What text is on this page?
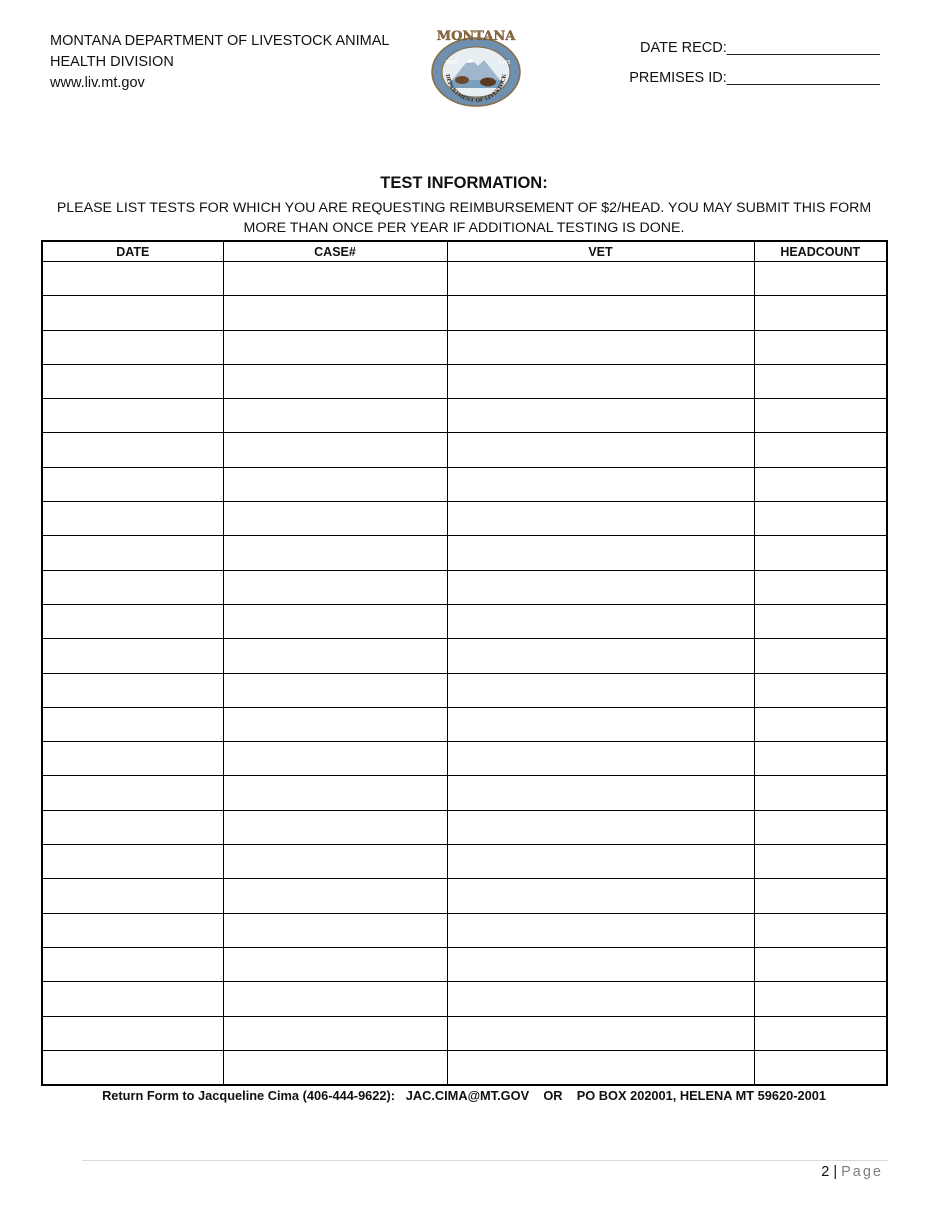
MONTANA DEPARTMENT OF LIVESTOCK ANIMAL
HEALTH DIVISION
www.liv.mt.gov
MONTANA
1885	1995
DEPARTMENT OF LIVESTOCK
DATE RECD:___________________
PREMISES ID:___________________
TEST INFORMATION:
PLEASE LIST TESTS FOR WHICH YOU ARE REQUESTING REIMBURSEMENT OF $2/HEAD. YOU MAY SUBMIT THIS FORM MORE THAN ONCE PER YEAR IF ADDITIONAL TESTING IS DONE.
DATE	CASE#	VET	HEADCOUNT

Return Form to Jacqueline Cima (406-444-9622):   JAC.CIMA@MT.GOV    OR    PO BOX 202001, HELENA MT 59620-2001
2 | Page
